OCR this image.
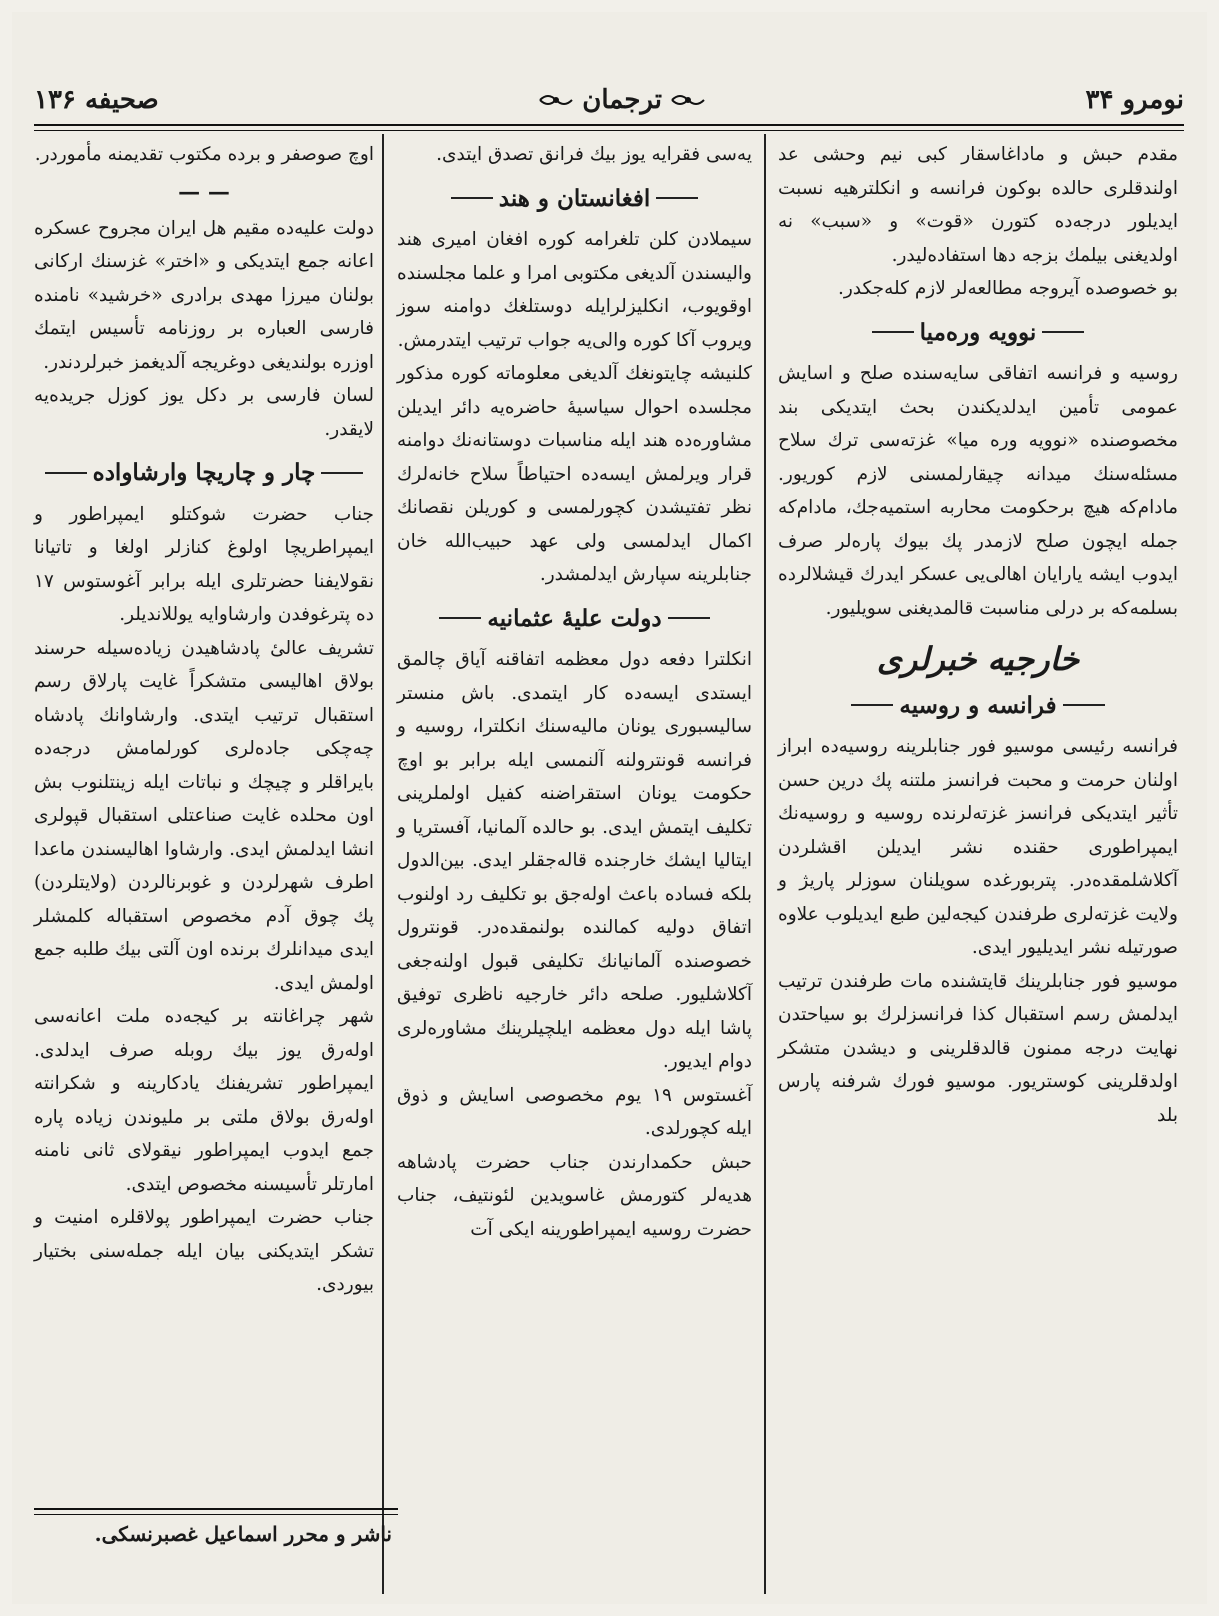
نومرو ۳۴
ترجمان
صحیفه ۱۳۶

مقدم حبش و ماداغاسقار کبی نیم وحشی عد اولندقلری حالده بوکون فرانسه و انکلترهیه نسبت ایدیلور درجه‌ده کتورن «قوت» و «سبب» نه اولدیغنی بیلمك بزجه دها استفاده‌لیدر.

بو خصوصده آیروجه مطالعه‌لر لازم کله‌جکدر.

نوویه وره‌میا

روسیه و فرانسه اتفاقی سایه‌سنده صلح و اسایش عمومی تأمین ایدلدیکندن بحث ایتدیکی بند مخصوصنده «نوویه وره میا» غزته‌سی ترك سلاح مسئله‌سنك میدانه چیقارلمسنی لازم کوریور. مادام‌که هیچ برحکومت محاربه استمیه‌جك، مادام‌که جمله ایچون صلح لازمدر پك بیوك پاره‌لر صرف ایدوب ایشه یارایان اهالی‌یی عسکر ایدرك قیشلالرده بسلمه‌که بر درلی مناسبت قالمدیغنی سویلیور.

خارجیه خبرلری
فرانسه و روسیه

فرانسه رئیسی موسیو فور جنابلرینه روسیه‌ده ابراز اولنان حرمت و محبت فرانسز ملتنه پك درین حسن تأثیر ایتدیکی فرانسز غزته‌لرنده روسیه و روسیه‌نك ایمپراطوری حقنده نشر ایدیلن اقشلردن آکلاشلمقده‌در. پتربورغده سویلنان سوزلر پاریژ و ولایت غزته‌لری طرفندن کیجه‌لین طبع ایدیلوب علاوه صورتیله نشر ایدیلیور ایدی.

موسیو فور جنابلرینك قایتشنده مات طرفندن ترتیب ایدلمش رسم استقبال کذا فرانسزلرك بو سیاحتدن نهایت درجه ممنون قالدقلرینی و دیشدن متشکر اولدقلرینی کوستریور. موسیو فورك شرفنه پارس بلد

یه‌سی فقرایه یوز بیك فرانق تصدق ایتدی.

افغانستان و هند

سیملادن کلن تلغرامه کوره افغان امیری هند والیسندن آلدیغی مکتوبی امرا و علما مجلسنده اوقویوب، انکلیزلرایله دوستلغك دوامنه سوز ویروب آکا کوره والی‌یه جواب ترتیب ایتدرمش.

کلنیشه چایتونغك آلدیغی معلوماته کوره مذکور مجلسده احوال سیاسیهٔ حاضره‌یه دائر ایدیلن مشاوره‌ده هند ایله مناسبات دوستانه‌نك دوامنه قرار ویرلمش ایسه‌ده احتیاطاً سلاح خانه‌لرك نظر تفتیشدن کچورلمسی و کوریلن نقصانك اکمال ایدلمسی ولی عهد حبیب‌الله خان جنابلرینه سپارش ایدلمشدر.

دولت علیهٔ عثمانیه

انکلترا دفعه دول معظمه اتفاقنه آیاق چالمق ایستدی ایسه‌ده کار ایتمدی. باش منستر سالیسبوری یونان مالیه‌سنك انکلترا، روسیه و فرانسه قونترولنه آلنمسی ایله برابر بو اوچ حکومت یونان استقراضنه کفیل اولملرینی تکلیف ایتمش ایدی. بو حالده آلمانیا، آفستریا و ایتالیا ایشك خارجنده قالەجقلر ایدی. بین‌الدول بلکه فساده باعث اوله‌جق بو تکلیف رد اولنوب اتفاق دولیه کمالنده بولنمقده‌در. قونترول خصوصنده آلمانیانك تکلیفی قبول اولنه‌جغی آکلاشلیور. صلحه دائر خارجیه ناظری توفیق پاشا ایله دول معظمه ایلچیلرینك مشاوره‌لری دوام ایدیور.

آغستوس ۱۹ یوم مخصوصی اسایش و ذوق ایله کچورلدی.

حبش حکمدارندن جناب حضرت پادشاهه هدیه‌لر کتورمش غاسویدین لئونتیف، جناب حضرت روسیه ایمپراطورینه ایکی آت

اوچ صوصفر و برده مکتوب تقدیمنه مأموردر.

— —

دولت علیه‌ده مقیم هل ایران مجروح عسکره اعانه جمع ایتدیکی و «اختر» غزسنك ارکانی بولنان میرزا مهدی برادری «خرشید» نامنده فارسی العباره بر روزنامه تأسیس ایتمك اوزره بولندیغی دوغریجه آلدیغمز خبرلردندر.

لسان فارسی بر دکل یوز کوزل جریده‌یه لایقدر.

چار و چاریچا وارشاواده

جناب حضرت شوکتلو ایمپراطور و ایمپراطریچا اولوغ کنازلر اولغا و تاتیانا نقولایفنا حضرتلری ایله برابر آغوستوس ۱۷ ده پترغوفدن وارشاوایه یوللاندیلر.

تشریف عالیٔ پادشاهیدن زیاده‌سیله حرسند بولاق اهالیسی متشکراً غایت پارلاق رسم استقبال ترتیب ایتدی. وارشاوانك پادشاه چه‌چکی جاده‌لری کورلمامش درجه‌ده بایراقلر و چیچك و نباتات ایله زینتلنوب بش اون محلده غایت صناعتلی استقبال قپولری انشا ایدلمش ایدی. وارشاوا اهالیسندن ماعدا اطرف شهرلردن و غوبرنالردن (ولایتلردن) پك چوق آدم مخصوص استقباله کلمشلر ایدی میدانلرك برنده اون آلتی بیك طلبه جمع اولمش ایدی.

شهر چراغانته بر کیجه‌ده ملت اعانه‌سی اوله‌رق یوز بیك روبله صرف ایدلدی. ایمپراطور تشریفنك یادکارینه و شکرانته اوله‌رق بولاق ملتی بر ملیوندن زیاده پاره جمع ایدوب ایمپراطور نیقولای ثانی نامنه امارتلر تأسیسنه مخصوص ایتدی.

جناب حضرت ایمپراطور پولاقلره امنیت و تشکر ایتدیکنی بیان ایله جمله‌سنی بختیار بیوردی.

ناشر و محرر اسماعیل غصبرنسکی.
